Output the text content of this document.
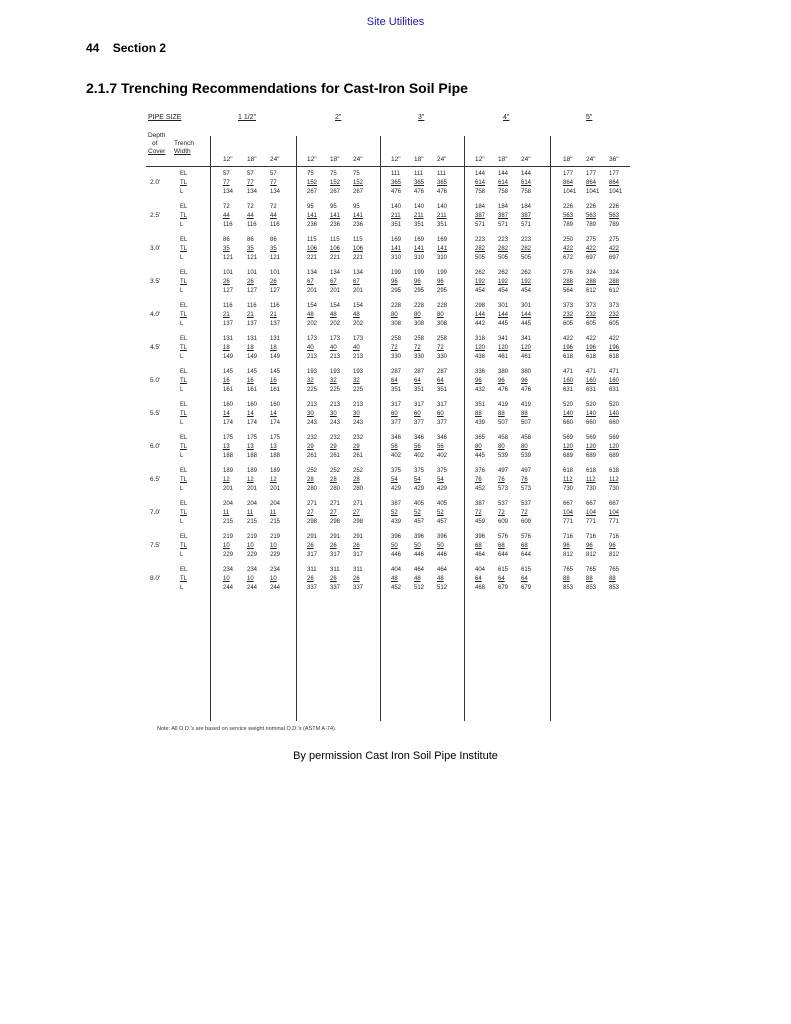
Site Utilities
44 Section 2
2.1.7 Trenching Recommendations for Cast-Iron Soil Pipe
PIPE SIZE	1 1/2"	2"	3"	4"	5"
Depth
of
Cover
Trench
Width
12" 18" 24"	12" 18" 24"	12" 18" 24"	12" 18" 24"	18" 24" 36"
2.0'
EL	57	57	57	75	75	75	111 111 111	144 144 144	177 177 177
TL	77	77	77	152 152 152	365 365 365	614 614 614	864 864 864
L	134 134 134	267 267 267	476 476 476	758 758 758	1041 1041 1041
2.5'
EL	72	72	72	95	95	95	140 140 140	184 184 184	226 226 226
TL	44	44	44	141 141 141	211 211 211	387 387 387	563 563 563
L	116 116 116	236 236 236	351 351 351	571 571 571	789 789 789
3.0'
EL	86	86	86	115 115 115	169 169 169	223 223 223	250 275 275
TL	35	35	35	106 106 106	141 141 141	282 282 282	422 422 422
L	121 121 121	221 221 221	310 310 310	505 505 505	672 697 697
3.5'
EL	101 101 101	134 134 134	199 199 199	262 262 262	276 324 324
TL	26	26	26	67	67	67	96	96	96	192 192 192	288 288 288
L	127 127 127	201 201 201	295 295 295	454 454 454	564 612 612
4.0'
EL	116 116 116	154 154 154	228 228 228	298 301 301	373 373 373
TL	21	21	21	48	48	48	80	80	80	144 144 144	232 232 232
L	137 137 137	202 202 202	308 308 308	442 445 445	605 605 605
4.5'
EL	131 131 131	173 173 173	258 258 258	318 341 341	422 422 422
TL	18	18	18	40	40	40	72	72	72	120 120 120	196 196 196
L	149 149 149	213 213 213	330 330 330	438 461 461	618 618 618
5.0'
EL	145 145 145	193 193 193	287 287 287	336 380 380	471 471 471
TL	16	16	16	32	32	32	64	64	64	96	96	96	160 160 160
L	161 161 161	225 225 225	351 351 351	432 476 476	631 631 631
5.5'
EL	160 160 160	213 213 213	317 317 317	351 419 419	520 520 520
TL	14	14	14	30	30	30	60	60	60	88	88	88	140 140 140
L	174 174 174	243 243 243	377 377 377	439 507 507	660 660 660
6.0'
EL	175 175 175	232 232 232	346 346 346	365 458 458	569 569 569
TL	13	13	13	29	29	29	56	56	56	80	80	80	120 120 120
L	188 188 188	261 261 261	402 402 402	445 539 539	689 689 689
6.5'
EL	189 189 189	252 252 252	375 375 375	376 497 497	618 618 618
TL	12	12	12	28	28	28	54	54	54	76	76	76	112 112 112
L	201 201 201	280 280 280	429 429 429	452 573 573	730 730 730
7.0'
EL	204 204 204	271 271 271	387 405 405	387 537 537	667 667 667
TL	11	11	11	27	27	27	52	52	52	72	72	72	104 104 104
L	215 215 215	298 298 298	439 457 457	459 609 609	771 771 771
7.5'
EL	219 219 219	291 291 291	396 396 396	396 576 576	716 716 716
TL	10	10	10	26	26	26	50	50	50	68	68	68	96	96	96
L	229 229 229	317 317 317	446 446 446	464 644 644	812 812 812
8.0'
EL	234 234 234	311 311 311	404 464 464	404 615 615	765 765 765
TL	10	10	10	26	26	26	48	48	48	64	64	64	88	88	88
L	244 244 244	337 337 337	452 512 512	468 679 679	853 853 853
Note: All O.D.'s are based on service weight nominal O.D.'s (ASTM A-74).
By permission Cast Iron Soil Pipe Institute
